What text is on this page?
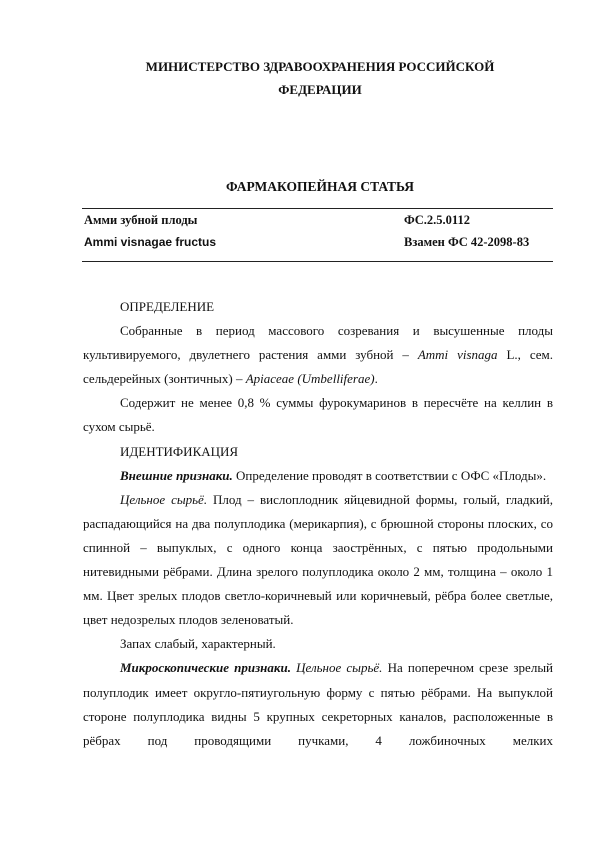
МИНИСТЕРСТВО ЗДРАВООХРАНЕНИЯ РОССИЙСКОЙ
ФЕДЕРАЦИИ
ФАРМАКОПЕЙНАЯ СТАТЬЯ
Амми зубной плоды	ФС.2.5.0112
Ammi visnagae fructus	Взамен ФС 42-2098-83

ОПРЕДЕЛЕНИЕ

Собранные в период массового созревания и высушенные плоды культивируемого, двулетнего растения амми зубной – Ammi visnaga L., сем. сельдерейных (зонтичных) – Apiaceae (Umbelliferae).

Содержит не менее 0,8 % суммы фурокумаринов в пересчёте на келлин в сухом сырьё.

ИДЕНТИФИКАЦИЯ

Внешние признаки. Определение проводят в соответствии с ОФС «Плоды».

Цельное сырьё. Плод – вислоплодник яйцевидной формы, голый, гладкий, распадающийся на два полуплодика (мерикарпия), с брюшной стороны плоских, со спинной – выпуклых, с одного конца заострённых, с пятью продольными нитевидными рёбрами. Длина зрелого полуплодика около 2 мм, толщина – около 1 мм. Цвет зрелых плодов светло-коричневый или коричневый, рёбра более светлые, цвет недозрелых плодов зеленоватый.

Запах слабый, характерный.

Микроскопические признаки. Цельное сырьё. На поперечном срезе зрелый полуплодик имеет округло-пятиугольную форму с пятью рёбрами. На выпуклой стороне полуплодика видны 5 крупных секреторных каналов, расположенные в рёбрах под проводящими пучками, 4 ложбиночных мелких
